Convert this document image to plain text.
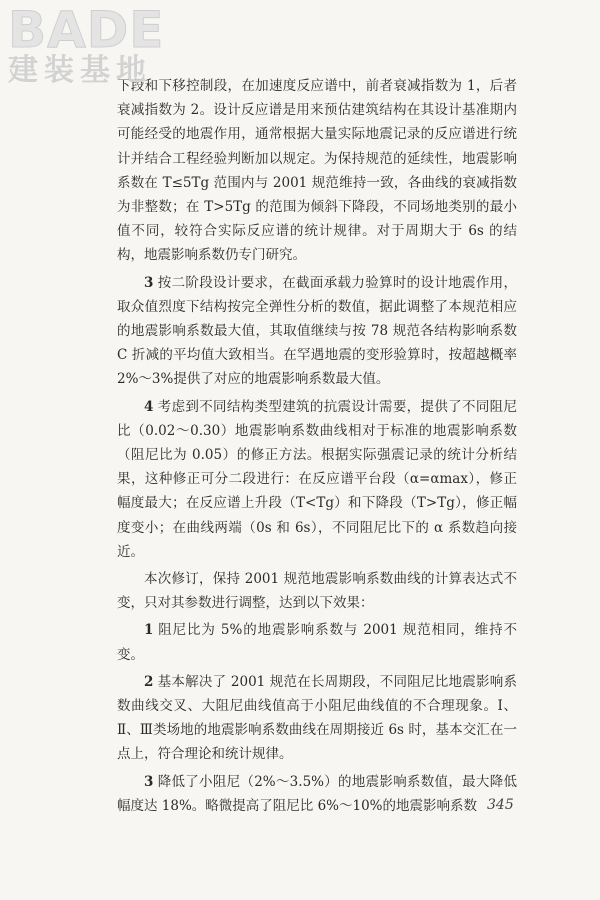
BADE
建装基地

下段和下移控制段，在加速度反应谱中，前者衰减指数为 1，后者衰减指数为 2。设计反应谱是用来预估建筑结构在其设计基准期内可能经受的地震作用，通常根据大量实际地震记录的反应谱进行统计并结合工程经验判断加以规定。为保持规范的延续性，地震影响系数在 T≤5Tg 范围内与 2001 规范维持一致，各曲线的衰减指数为非整数；在 T>5Tg 的范围为倾斜下降段，不同场地类别的最小值不同，较符合实际反应谱的统计规律。对于周期大于 6s 的结构，地震影响系数仍专门研究。

3 按二阶段设计要求，在截面承载力验算时的设计地震作用，取众值烈度下结构按完全弹性分析的数值，据此调整了本规范相应的地震影响系数最大值，其取值继续与按 78 规范各结构影响系数 C 折减的平均值大致相当。在罕遇地震的变形验算时，按超越概率 2%～3%提供了对应的地震影响系数最大值。

4 考虑到不同结构类型建筑的抗震设计需要，提供了不同阻尼比（0.02～0.30）地震影响系数曲线相对于标准的地震影响系数（阻尼比为 0.05）的修正方法。根据实际强震记录的统计分析结果，这种修正可分二段进行：在反应谱平台段（α=αmax），修正幅度最大；在反应谱上升段（T<Tg）和下降段（T>Tg），修正幅度变小；在曲线两端（0s 和 6s），不同阻尼比下的 α 系数趋向接近。

本次修订，保持 2001 规范地震影响系数曲线的计算表达式不变，只对其参数进行调整，达到以下效果：

1 阻尼比为 5%的地震影响系数与 2001 规范相同，维持不变。

2 基本解决了 2001 规范在长周期段，不同阻尼比地震影响系数曲线交叉、大阻尼曲线值高于小阻尼曲线值的不合理现象。Ⅰ、Ⅱ、Ⅲ类场地的地震影响系数曲线在周期接近 6s 时，基本交汇在一点上，符合理论和统计规律。

3 降低了小阻尼（2%～3.5%）的地震影响系数值，最大降低幅度达 18%。略微提高了阻尼比 6%～10%的地震影响系数 345
